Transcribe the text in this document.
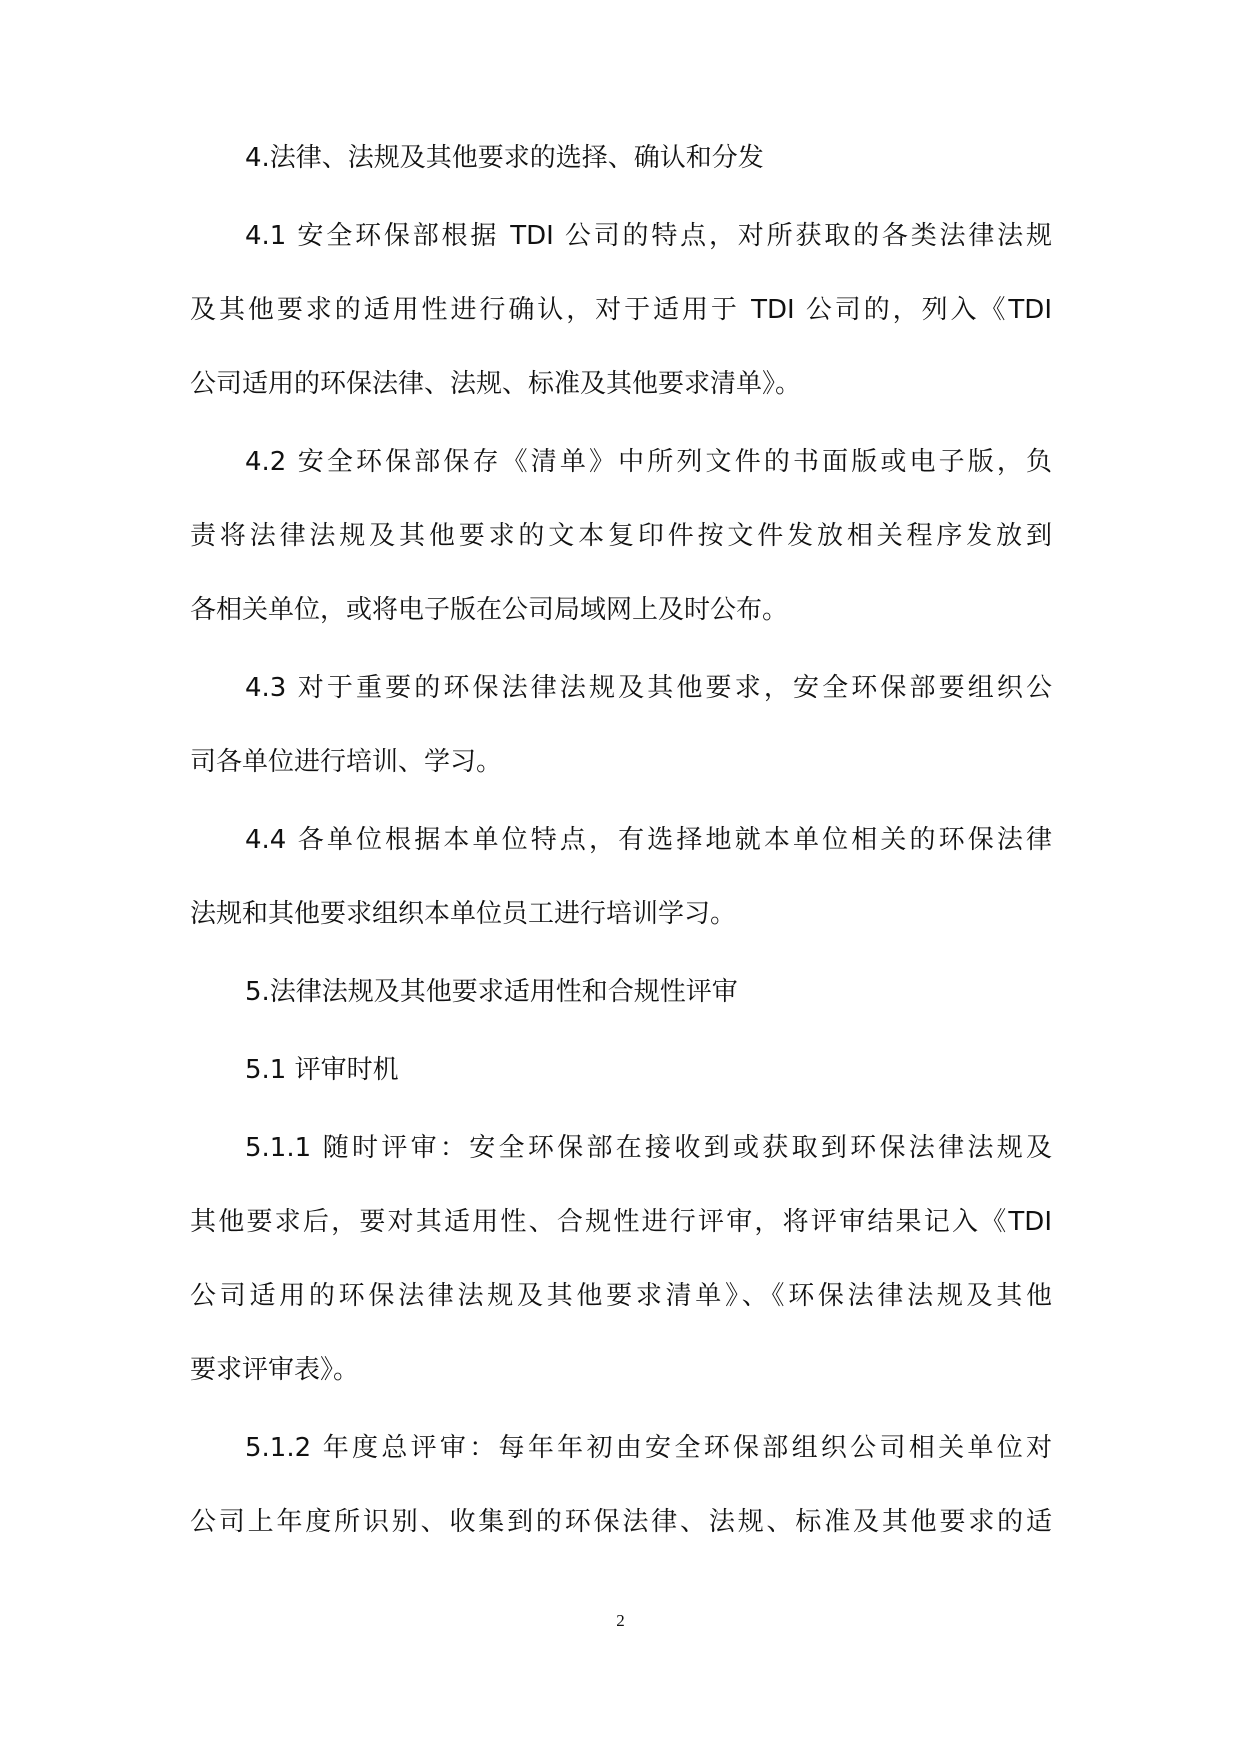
4.法律、法规及其他要求的选择、确认和分发
4.1 安全环保部根据 TDI 公司的特点，对所获取的各类法律法规
及其他要求的适用性进行确认，对于适用于 TDI 公司的，列入《TDI
公司适用的环保法律、法规、标准及其他要求清单》。
4.2 安全环保部保存《清单》中所列文件的书面版或电子版，负
责将法律法规及其他要求的文本复印件按文件发放相关程序发放到
各相关单位，或将电子版在公司局域网上及时公布。
4.3 对于重要的环保法律法规及其他要求，安全环保部要组织公
司各单位进行培训、学习。
4.4 各单位根据本单位特点，有选择地就本单位相关的环保法律
法规和其他要求组织本单位员工进行培训学习。
5.法律法规及其他要求适用性和合规性评审
5.1 评审时机
5.1.1 随时评审：安全环保部在接收到或获取到环保法律法规及
其他要求后，要对其适用性、合规性进行评审，将评审结果记入《TDI
公司适用的环保法律法规及其他要求清单》、《环保法律法规及其他
要求评审表》。
5.1.2 年度总评审：每年年初由安全环保部组织公司相关单位对
公司上年度所识别、收集到的环保法律、法规、标准及其他要求的适
2
